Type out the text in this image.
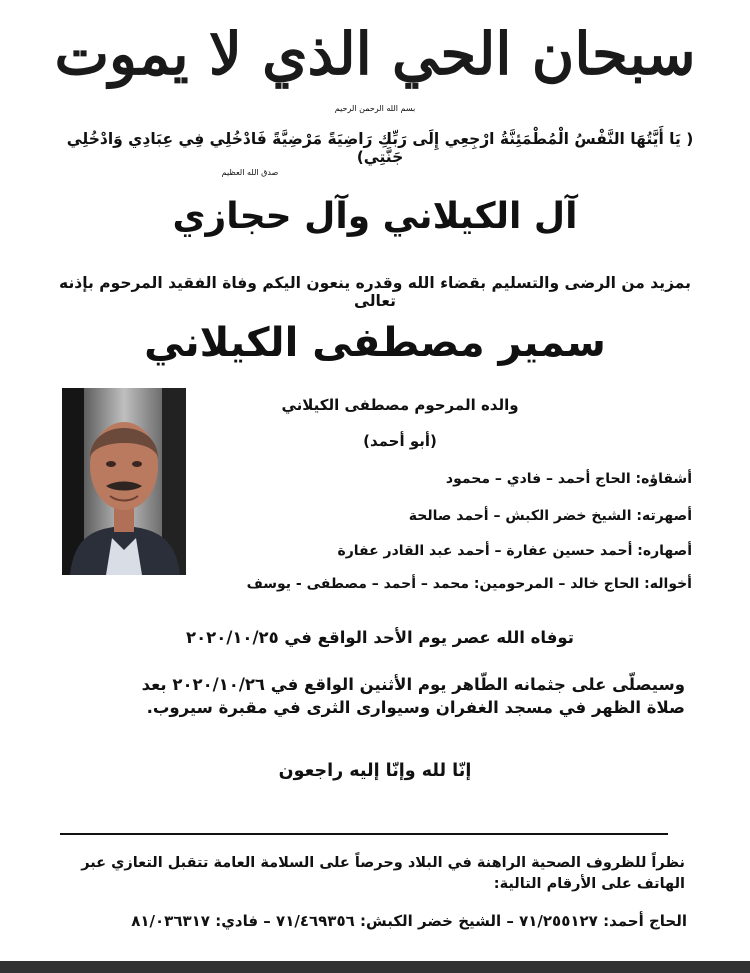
سبحان الحي الذي لا يموت
بسم الله الرحمن الرحيم
( يَا أَيَّتُهَا النَّفْسُ الْمُطْمَئِنَّةُ ارْجِعِي إِلَى رَبِّكِ رَاضِيَةً مَرْضِيَّةً فَادْخُلِي فِي عِبَادِي وَادْخُلِي جَنَّتِي)
صدق الله العظيم
آل الكيلاني وآل حجازي
بمزيد من الرضى والتسليم بقضاء الله وقدره ينعون اليكم وفاة الفقيد المرحوم بإذنه تعالى
سمير مصطفى الكيلاني
والده المرحوم مصطفى الكيلاني
(أبو أحمد)
أشقاؤه: الحاج أحمد – فادي – محمود
أصهرته: الشيخ خضر الكبش – أحمد صالحة
أصهاره: أحمد حسين عفارة – أحمد عبد القادر عفارة
أخواله: الحاج خالد – المرحومين: محمد – أحمد – مصطفى - يوسف
توفاه الله عصر يوم الأحد الواقع في ٢٠٢٠/١٠/٢٥
وسيصلّى على جثمانه الطّاهر يوم الأثنين الواقع في ٢٠٢٠/١٠/٢٦ بعد صلاة الظهر في مسجد الغفران وسيوارى الثرى في مقبرة سيروب.
إنّا لله وإنّا إليه راجعون
نظراً للظروف الصحية الراهنة في البلاد وحرصاً على السلامة العامة تتقبل التعازي عبر الهاتف على الأرقام التالية:
الحاج أحمد: ٧١/٢٥٥١٢٧ – الشيخ خضر الكبش: ٧١/٤٦٩٣٥٦ – فادي: ٨١/٠٣٦٣١٧
